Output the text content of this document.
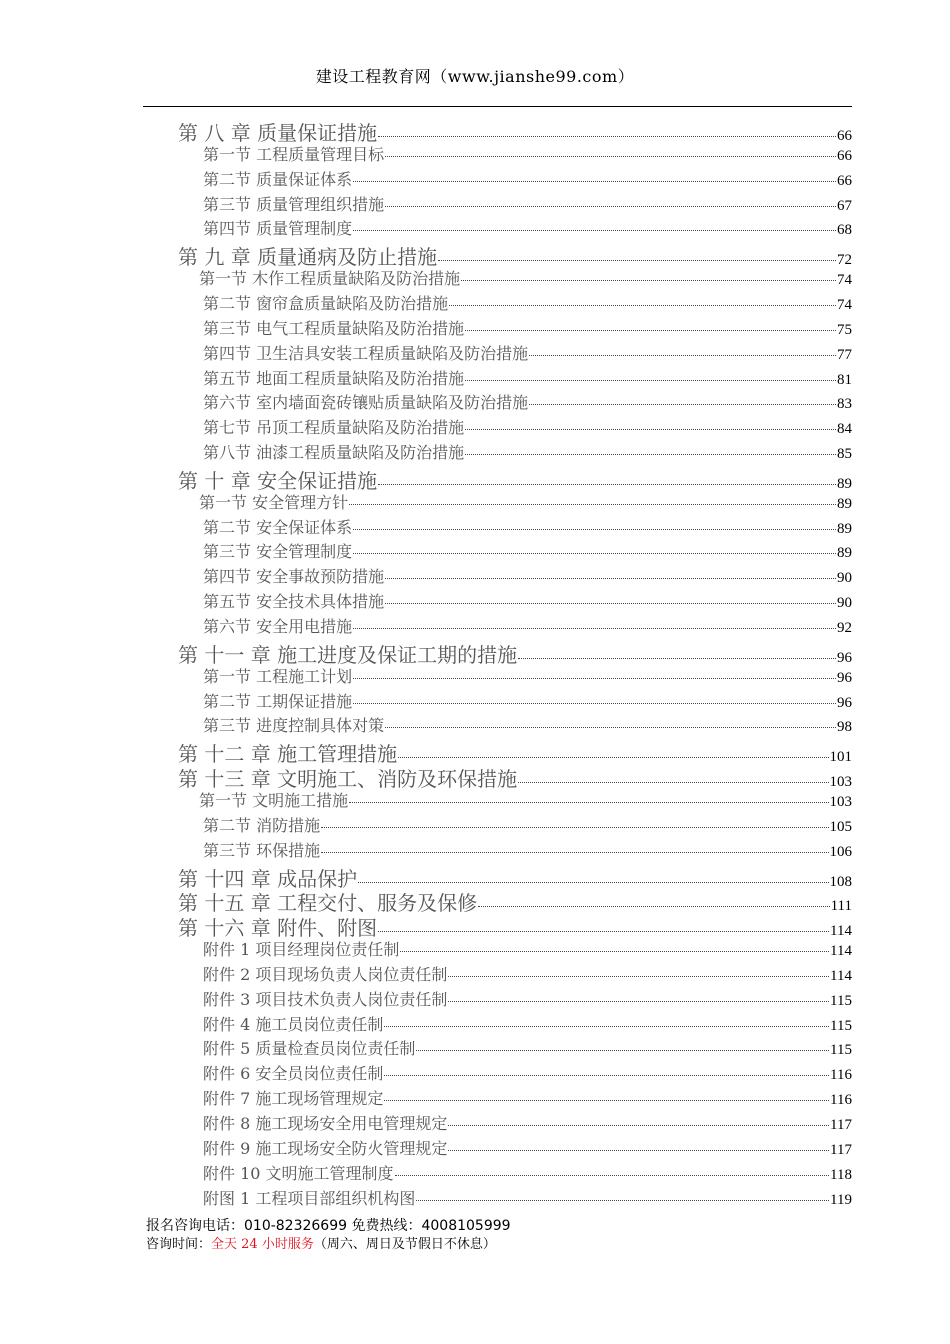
建设工程教育网（www.jianshe99.com）
第 八 章 质量保证措施	66
第一节 工程质量管理目标	66
第二节 质量保证体系	66
第三节 质量管理组织措施	67
第四节 质量管理制度	68
第 九 章 质量通病及防止措施	72
第一节 木作工程质量缺陷及防治措施	74
第二节 窗帘盒质量缺陷及防治措施	74
第三节 电气工程质量缺陷及防治措施	75
第四节 卫生洁具安装工程质量缺陷及防治措施	77
第五节 地面工程质量缺陷及防治措施	81
第六节 室内墙面瓷砖镶贴质量缺陷及防治措施	83
第七节 吊顶工程质量缺陷及防治措施	84
第八节 油漆工程质量缺陷及防治措施	85
第 十 章 安全保证措施	89
第一节 安全管理方针	89
第二节 安全保证体系	89
第三节 安全管理制度	89
第四节 安全事故预防措施	90
第五节 安全技术具体措施	90
第六节 安全用电措施	92
第 十一 章 施工进度及保证工期的措施	96
第一节 工程施工计划	96
第二节 工期保证措施	96
第三节 进度控制具体对策	98
第 十二 章 施工管理措施	101
第 十三 章 文明施工、消防及环保措施	103
第一节 文明施工措施	103
第二节 消防措施	105
第三节 环保措施	106
第 十四 章 成品保护	108
第 十五 章 工程交付、服务及保修	111
第 十六 章 附件、附图	114
附件 1 项目经理岗位责任制	114
附件 2 项目现场负责人岗位责任制	114
附件 3 项目技术负责人岗位责任制	115
附件 4 施工员岗位责任制	115
附件 5 质量检查员岗位责任制	115
附件 6 安全员岗位责任制	116
附件 7 施工现场管理规定	116
附件 8 施工现场安全用电管理规定	117
附件 9 施工现场安全防火管理规定	117
附件 10 文明施工管理制度	118
附图 1 工程项目部组织机构图	119
报名咨询电话：010-82326699 免费热线：4008105999
咨询时间：全天 24 小时服务（周六、周日及节假日不休息）
